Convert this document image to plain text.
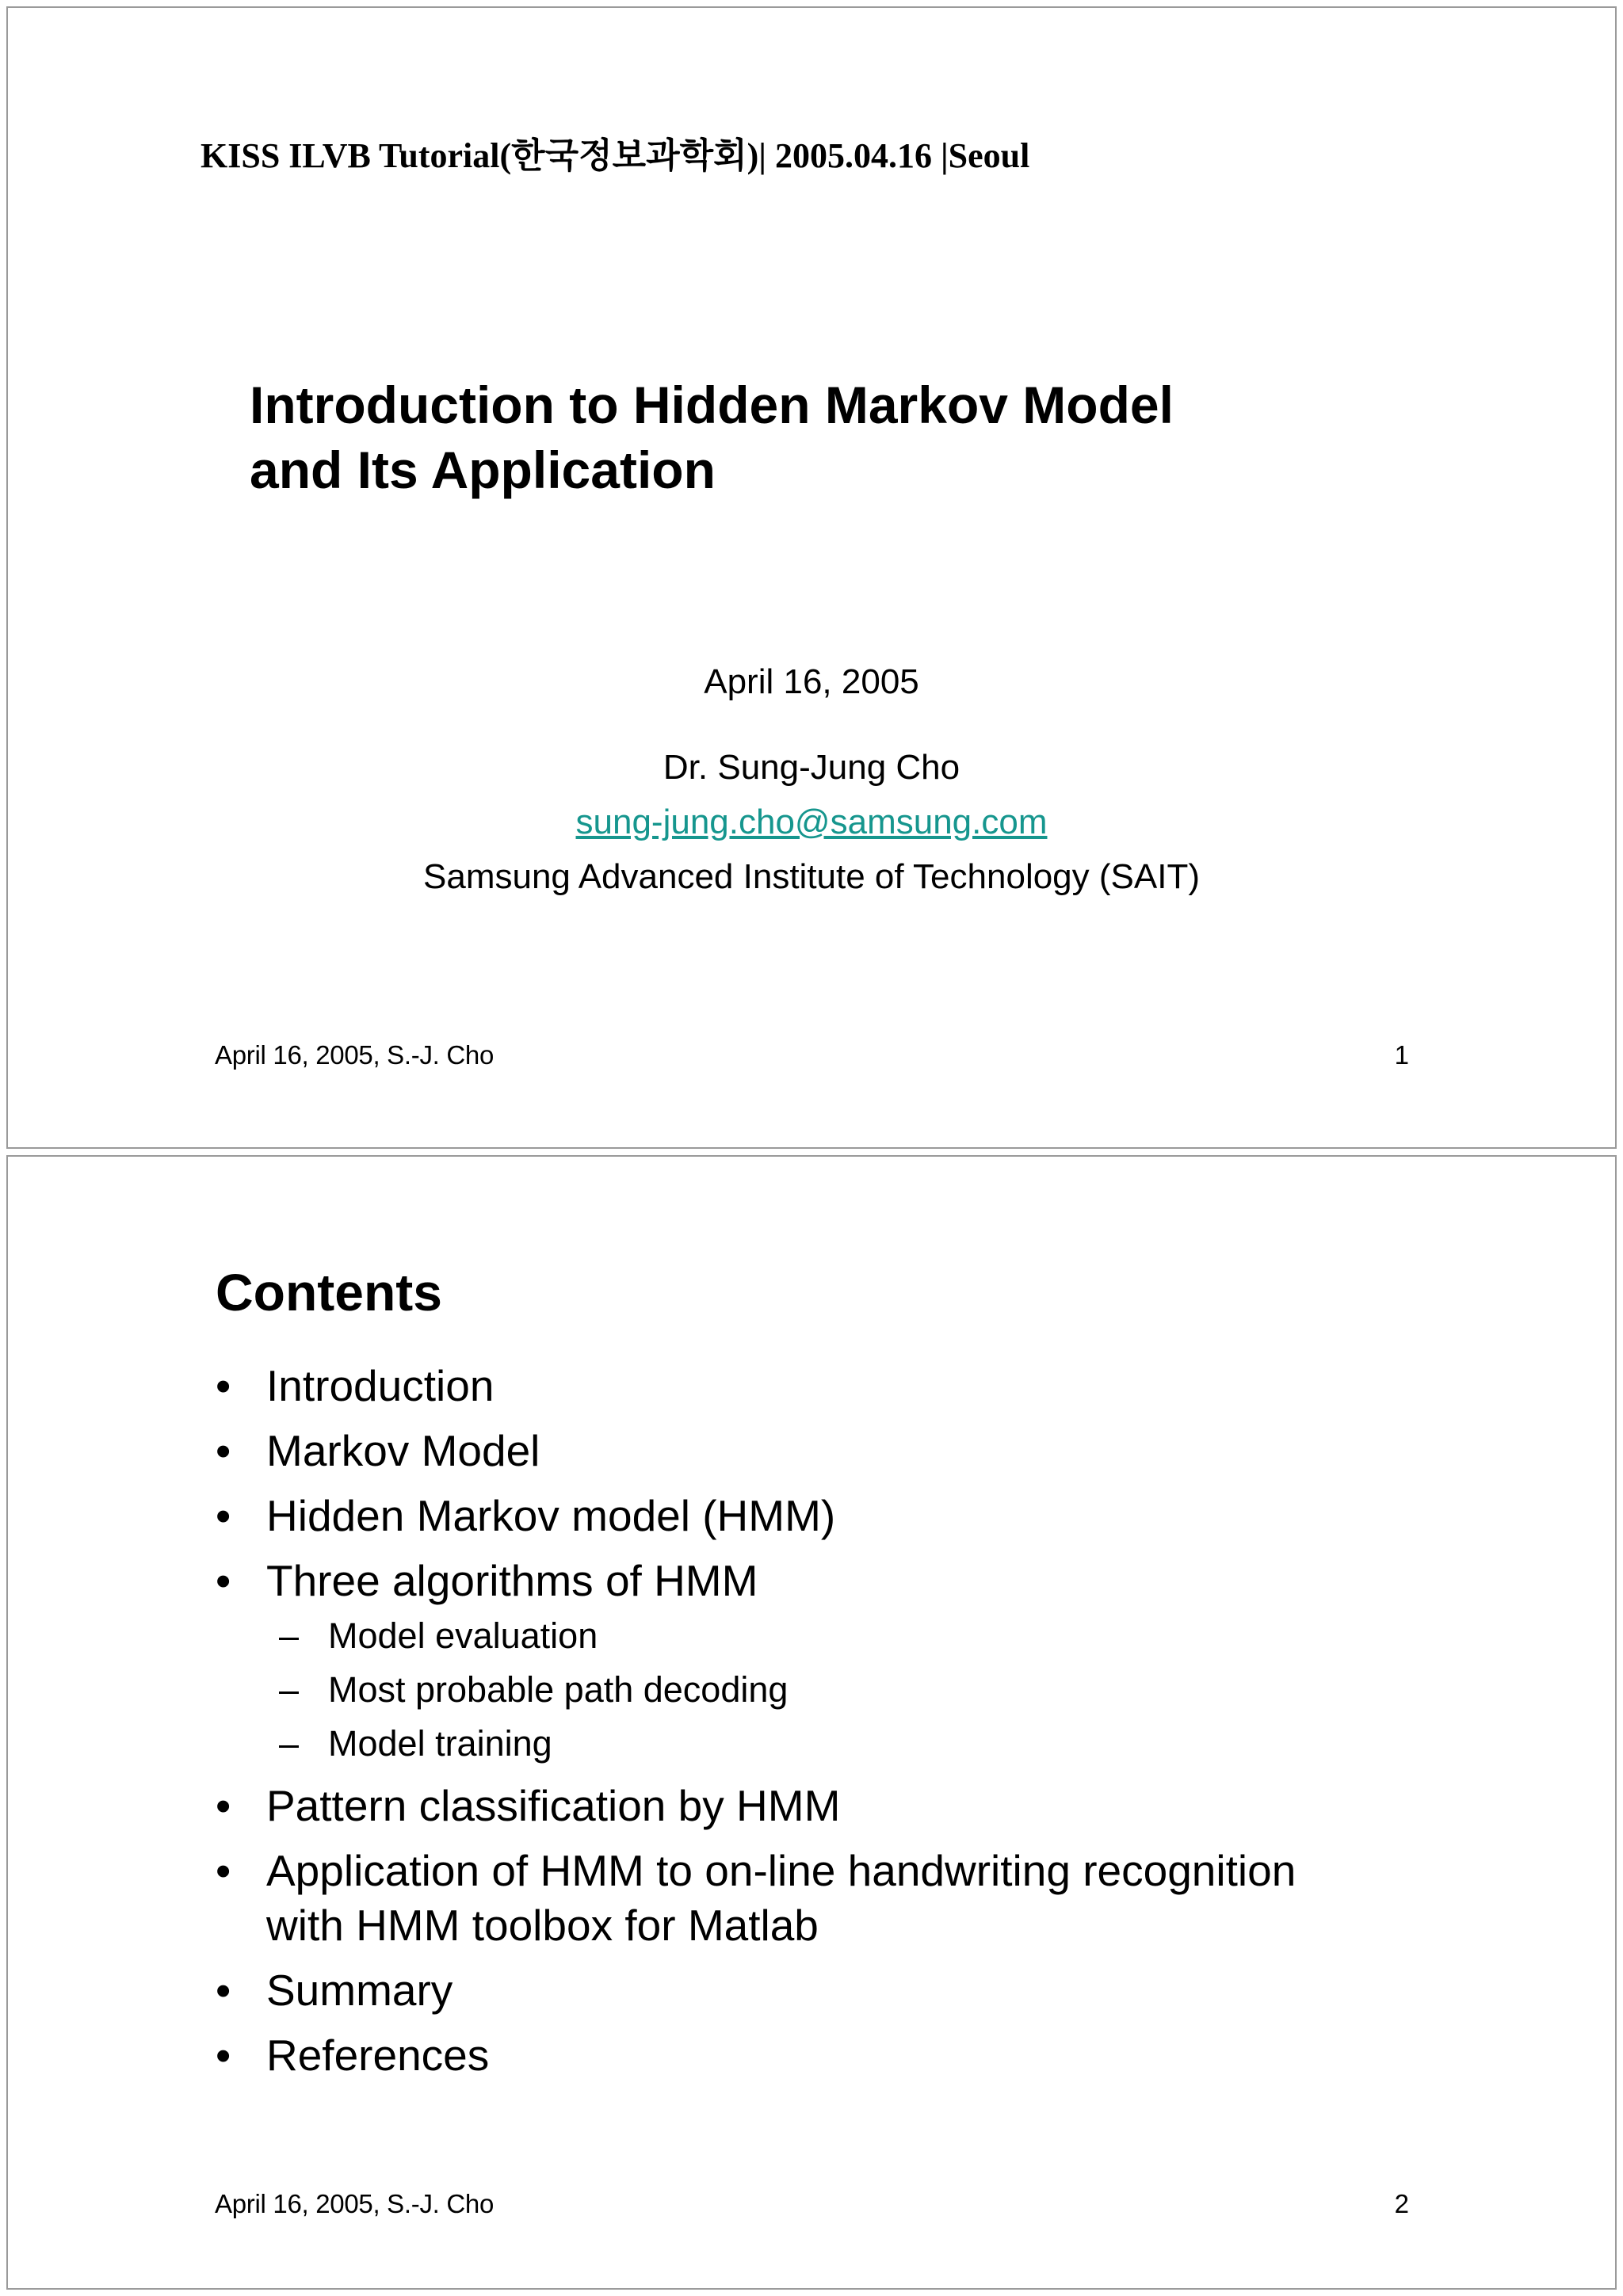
KISS ILVB Tutorial(한국정보과학회)| 2005.04.16 |Seoul
Introduction to Hidden Markov Model
and Its Application
April 16, 2005
Dr. Sung-Jung Cho
sung-jung.cho@samsung.com
Samsung Advanced Institute of Technology (SAIT)
April 16, 2005, S.-J. Cho	1
Contents
• Introduction
• Markov Model
• Hidden Markov model (HMM)
• Three algorithms of HMM
– Model evaluation
– Most probable path decoding
– Model training
• Pattern classification by HMM
• Application of HMM to on-line handwriting recognition
with HMM toolbox for Matlab
• Summary
• References
April 16, 2005, S.-J. Cho	2
